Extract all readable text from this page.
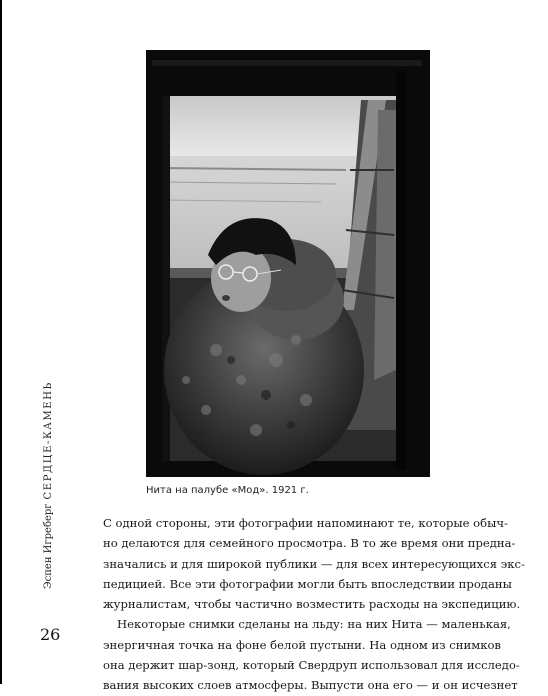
Нита на палубе «Мод». 1921 г.
С одной стороны, эти фотографии напоминают те, которые обыч-
но делаются для семейного просмотра. В то же время они предна-
значались и для широкой публики — для всех интересующихся экс-
педицией. Все эти фотографии могли быть впоследствии проданы
журналистам, чтобы частично возместить расходы на экспедицию.
Некоторые снимки сделаны на льду: на них Нита — маленькая,
энергичная точка на фоне белой пустыни. На одном из снимков
она держит шар-зонд, который Свердруп использовал для исследо-
вания высоких слоев атмосферы. Выпусти она его — и он исчезнет
Эспен ИгребергСЕРДЦЕ-КАМЕНЬ
26
